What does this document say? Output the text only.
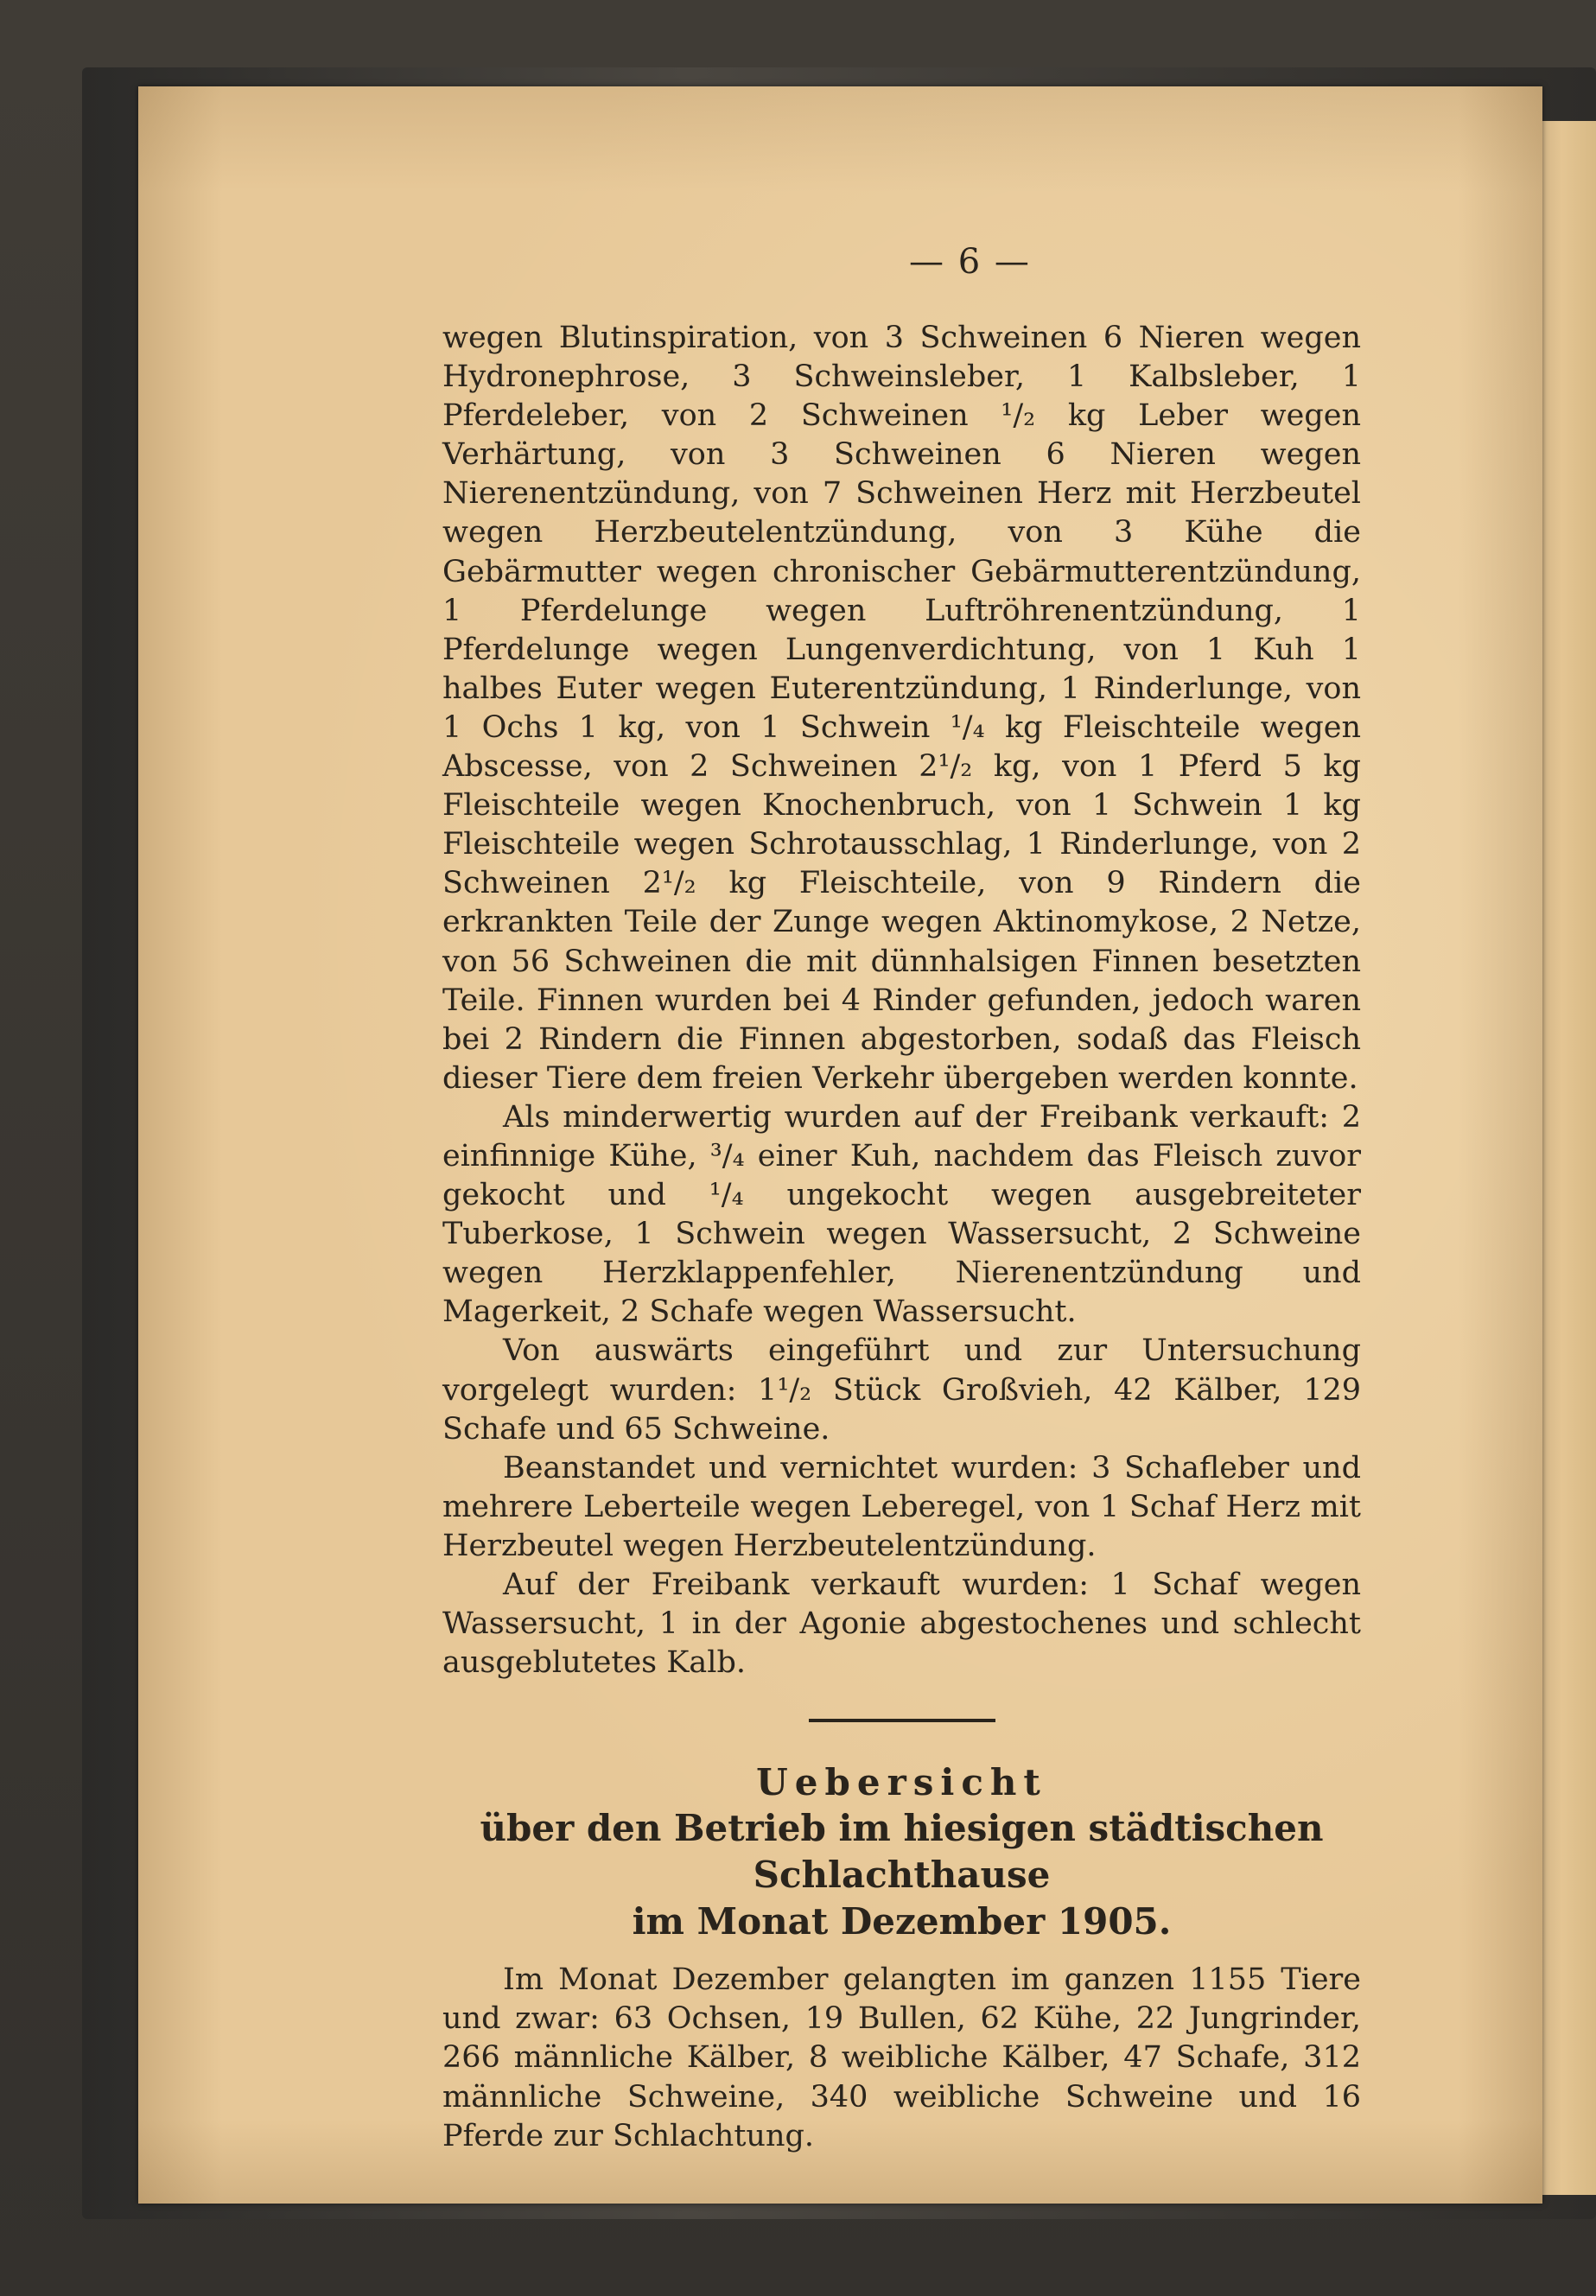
— 6 —

wegen Blutinspiration, von 3 Schweinen 6 Nieren wegen Hydronephrose, 3 Schweinsleber, 1 Kalbsleber, 1 Pferdeleber, von 2 Schweinen ¹/₂ kg Leber wegen Verhärtung, von 3 Schweinen 6 Nieren wegen Nierenentzündung, von 7 Schweinen Herz mit Herzbeutel wegen Herzbeutelentzündung, von 3 Kühe die Gebärmutter wegen chronischer Gebärmutterentzündung, 1 Pferdelunge wegen Luftröhrenentzündung, 1 Pferdelunge wegen Lungenverdichtung, von 1 Kuh 1 halbes Euter wegen Euterentzündung, 1 Rinderlunge, von 1 Ochs 1 kg, von 1 Schwein ¹/₄ kg Fleischteile wegen Abscesse, von 2 Schweinen 2¹/₂ kg, von 1 Pferd 5 kg Fleischteile wegen Knochenbruch, von 1 Schwein 1 kg Fleischteile wegen Schrotausschlag, 1 Rinderlunge, von 2 Schweinen 2¹/₂ kg Fleischteile, von 9 Rindern die erkrankten Teile der Zunge wegen Aktinomykose, 2 Netze, von 56 Schweinen die mit dünnhalsigen Finnen besetzten Teile. Finnen wurden bei 4 Rinder gefunden, jedoch waren bei 2 Rindern die Finnen abgestorben, sodaß das Fleisch dieser Tiere dem freien Verkehr übergeben werden konnte.

Als minderwertig wurden auf der Freibank verkauft: 2 einfinnige Kühe, ³/₄ einer Kuh, nachdem das Fleisch zuvor gekocht und ¹/₄ ungekocht wegen ausgebreiteter Tuberkose, 1 Schwein wegen Wassersucht, 2 Schweine wegen Herzklappenfehler, Nierenentzündung und Magerkeit, 2 Schafe wegen Wassersucht.

Von auswärts eingeführt und zur Untersuchung vorgelegt wurden: 1¹/₂ Stück Großvieh, 42 Kälber, 129 Schafe und 65 Schweine.

Beanstandet und vernichtet wurden: 3 Schafleber und mehrere Leberteile wegen Leberegel, von 1 Schaf Herz mit Herzbeutel wegen Herzbeutelentzündung.

Auf der Freibank verkauft wurden: 1 Schaf wegen Wassersucht, 1 in der Agonie abgestochenes und schlecht ausgeblutetes Kalb.

Uebersicht

über den Betrieb im hiesigen städtischen Schlachthause

im Monat Dezember 1905.

Im Monat Dezember gelangten im ganzen 1155 Tiere und zwar: 63 Ochsen, 19 Bullen, 62 Kühe, 22 Jungrinder, 266 männliche Kälber, 8 weibliche Kälber, 47 Schafe, 312 männliche Schweine, 340 weibliche Schweine und 16 Pferde zur Schlachtung.
